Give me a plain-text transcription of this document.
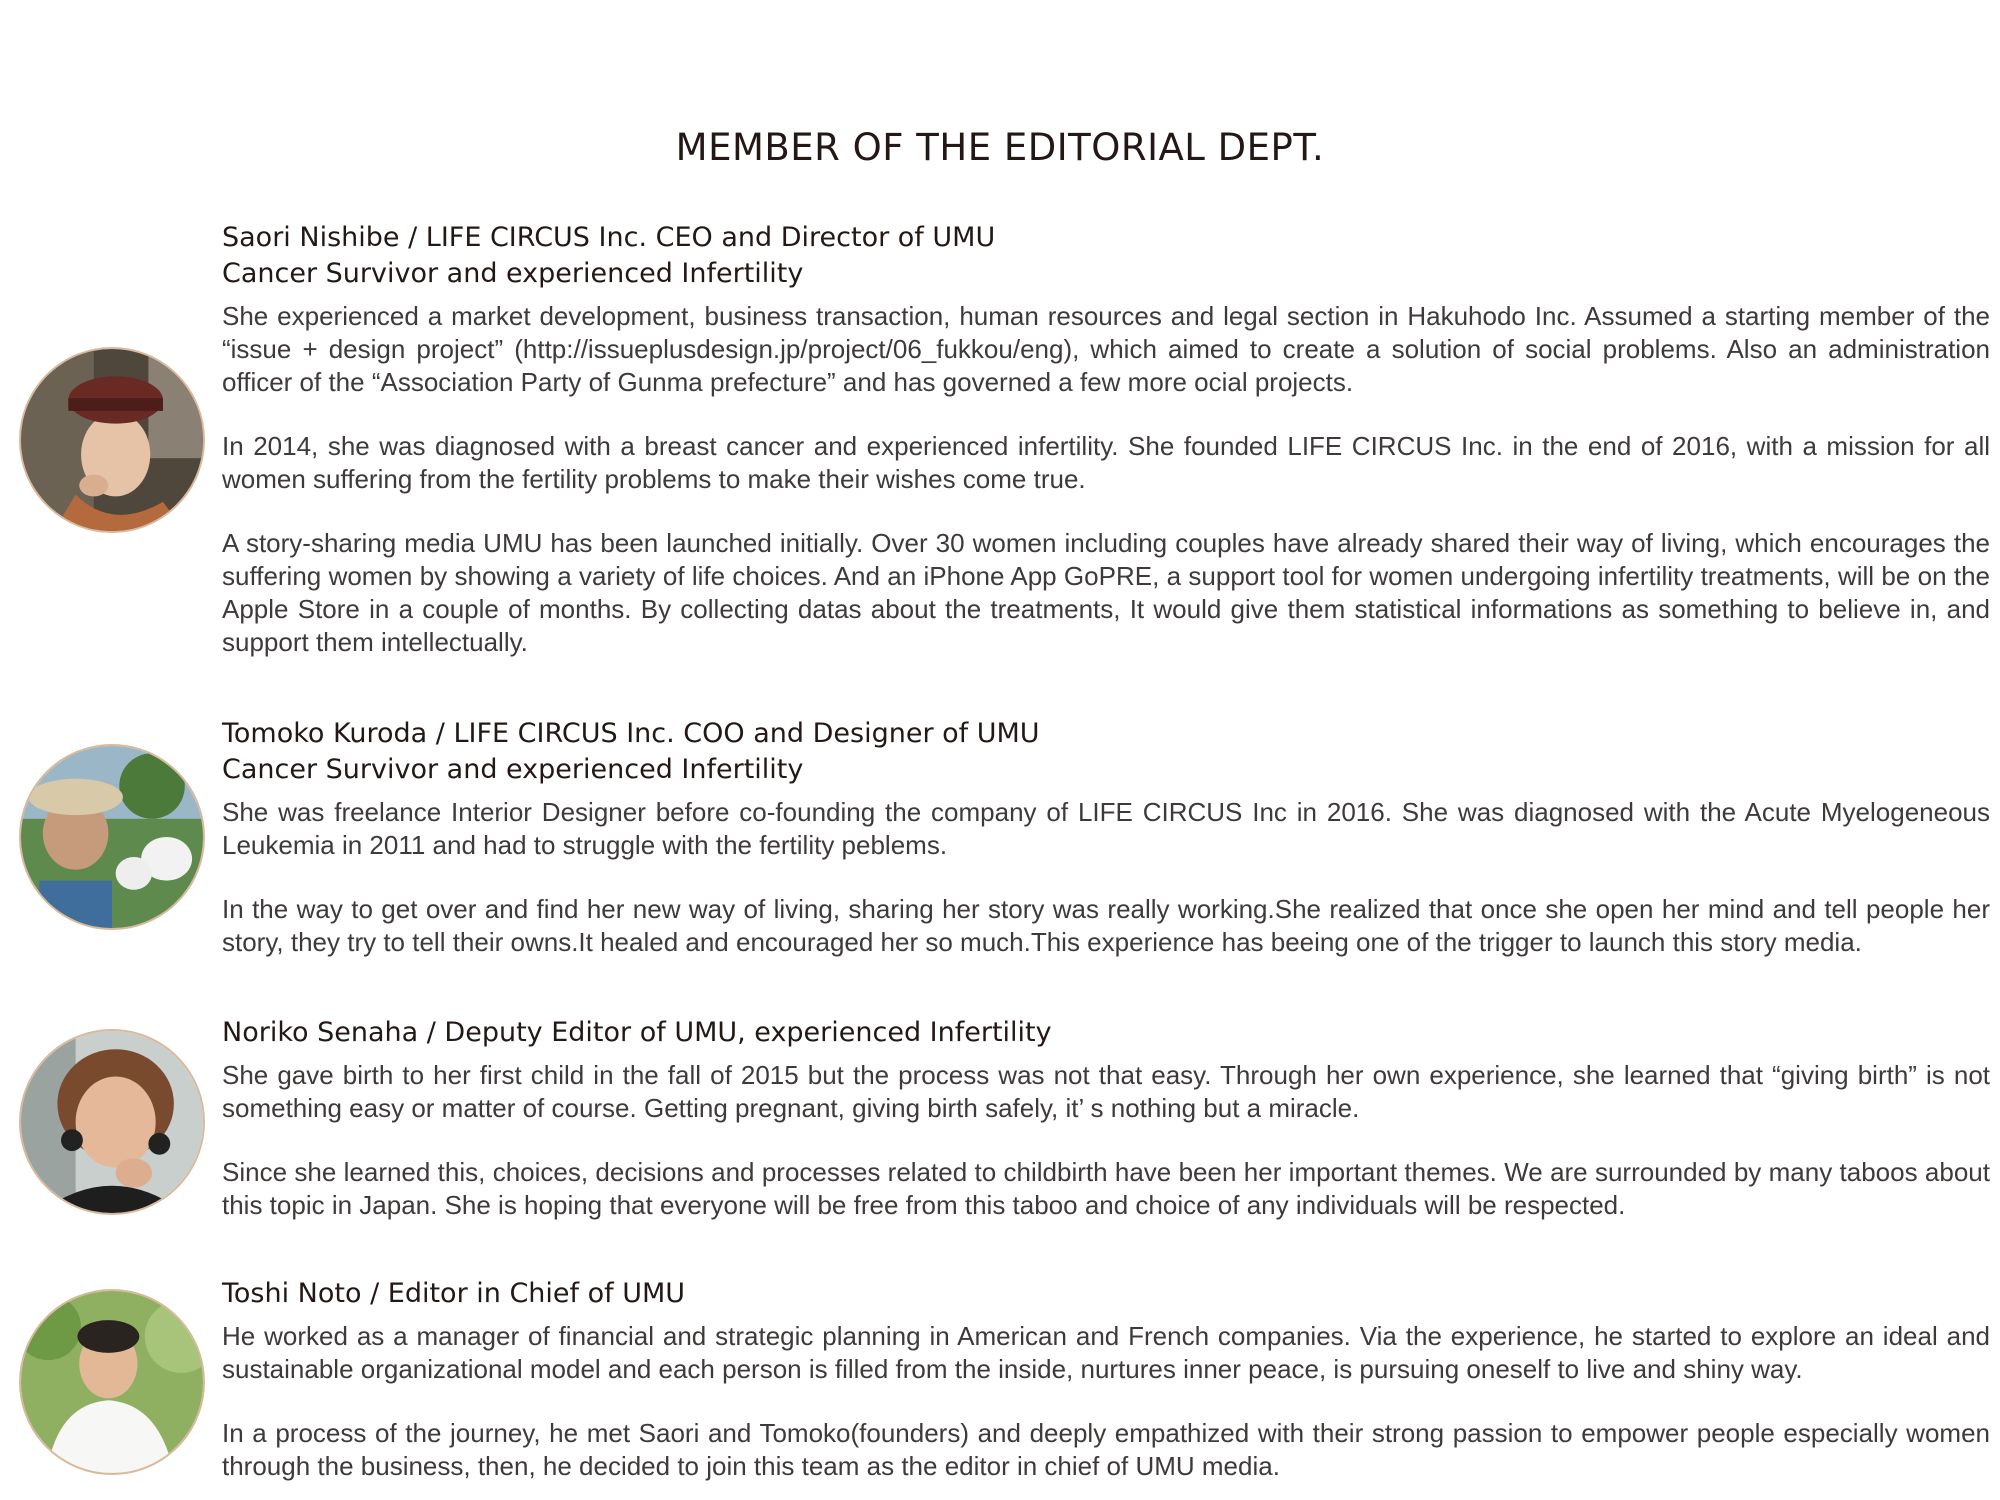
MEMBER OF THE EDITORIAL DEPT.

Saori Nishibe / LIFE CIRCUS Inc. CEO and Director of UMU

Cancer Survivor and experienced Infertility

She experienced a market development, business transaction, human resources and legal section in Hakuhodo Inc. Assumed a starting member of the “issue + design project” (http://issueplusdesign.jp/project/06_fukkou/eng), which aimed to create a solution of social problems. Also an administration officer of the “Association Party of Gunma prefecture” and has governed a few more ocial projects.

In 2014, she was diagnosed with a breast cancer and experienced infertility. She founded LIFE CIRCUS Inc. in the end of 2016, with a mission for all women suffering from the fertility problems to make their wishes come true.

A story-sharing media UMU has been launched initially. Over 30 women including couples have already shared their way of living, which encourages the suffering women by showing a variety of life choices. And an iPhone App GoPRE, a support tool for women undergoing infertility treatments, will be on the Apple Store in a couple of months. By collecting datas about the treatments, It would give them statistical informations as something to believe in, and support them intellectually.

Tomoko Kuroda / LIFE CIRCUS Inc. COO and Designer of UMU

Cancer Survivor and experienced Infertility

She was freelance Interior Designer before co-founding the company of LIFE CIRCUS Inc in 2016. She was diagnosed with the Acute Myelogeneous Leukemia in 2011 and had to struggle with the fertility peblems.

In the way to get over and find her new way of living, sharing her story was really working.She realized that once she open her mind and tell people her story, they try to tell their owns.It healed and encouraged her so much.This experience has beeing one of the trigger to launch this story media.

Noriko Senaha / Deputy Editor of UMU, experienced Infertility

She gave birth to her first child in the fall of 2015 but the process was not that easy. Through her own experience, she learned that “giving birth” is not something easy or matter of course. Getting pregnant, giving birth safely, it’ s nothing but a miracle.

Since she learned this, choices, decisions and processes related to childbirth have been her important themes. We are surrounded by many taboos about this topic in Japan. She is hoping that everyone will be free from this taboo and choice of any individuals will be respected.

Toshi Noto / Editor in Chief of UMU

He worked as a manager of financial and strategic planning in American and French companies. Via the experience, he started to explore an ideal and sustainable organizational model and each person is filled from the inside, nurtures inner peace, is pursuing oneself to live and shiny way.

In a process of the journey, he met Saori and Tomoko(founders) and deeply empathized with their strong passion to empower people especially women through the business, then, he decided to join this team as the editor in chief of UMU media.
